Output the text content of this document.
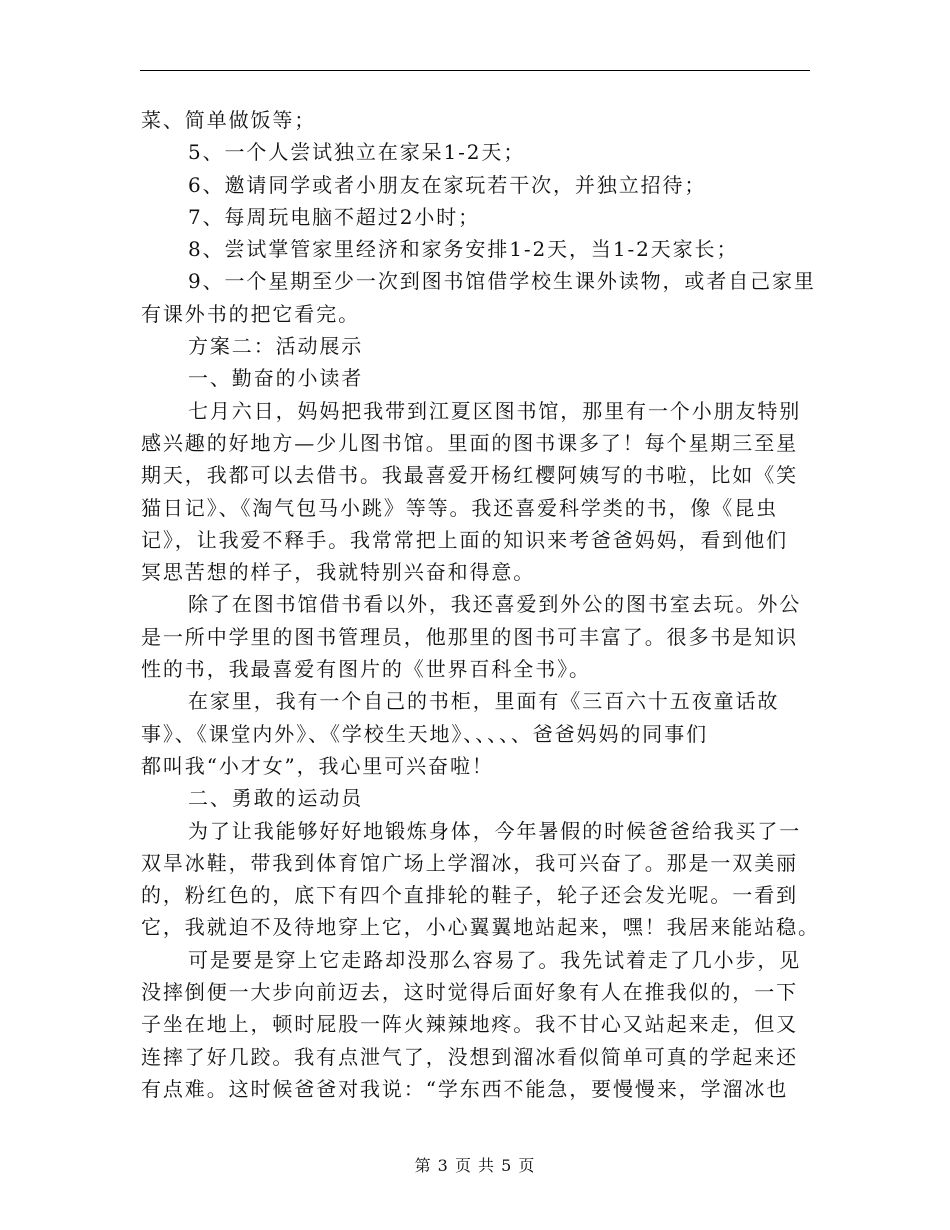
菜、简单做饭等；
5、一个人尝试独立在家呆1-2天；
6、邀请同学或者小朋友在家玩若干次，并独立招待；
7、每周玩电脑不超过2小时；
8、尝试掌管家里经济和家务安排1-2天，当1-2天家长；
9、一个星期至少一次到图书馆借学校生课外读物，或者自己家里
有课外书的把它看完。
方案二：活动展示
一、勤奋的小读者
七月六日，妈妈把我带到江夏区图书馆，那里有一个小朋友特别
感兴趣的好地方—少儿图书馆。里面的图书课多了！每个星期三至星
期天，我都可以去借书。我最喜爱开杨红樱阿姨写的书啦，比如《笑
猫日记》、《淘气包马小跳》等等。我还喜爱科学类的书，像《昆虫
记》，让我爱不释手。我常常把上面的知识来考爸爸妈妈，看到他们
冥思苦想的样子，我就特别兴奋和得意。
除了在图书馆借书看以外，我还喜爱到外公的图书室去玩。外公
是一所中学里的图书管理员，他那里的图书可丰富了。很多书是知识
性的书，我最喜爱有图片的《世界百科全书》。
在家里，我有一个自己的书柜，里面有《三百六十五夜童话故
事》、《课堂内外》、《学校生天地》、、、、、爸爸妈妈的同事们
都叫我“小才女”，我心里可兴奋啦！
二、勇敢的运动员
为了让我能够好好地锻炼身体，今年暑假的时候爸爸给我买了一
双旱冰鞋，带我到体育馆广场上学溜冰，我可兴奋了。那是一双美丽
的，粉红色的，底下有四个直排轮的鞋子，轮子还会发光呢。一看到
它，我就迫不及待地穿上它，小心翼翼地站起来，嘿！我居来能站稳。
可是要是穿上它走路却没那么容易了。我先试着走了几小步，见
没摔倒便一大步向前迈去，这时觉得后面好象有人在推我似的，一下
子坐在地上，顿时屁股一阵火辣辣地疼。我不甘心又站起来走，但又
连摔了好几跤。我有点泄气了，没想到溜冰看似简单可真的学起来还
有点难。这时候爸爸对我说：“学东西不能急，要慢慢来，学溜冰也
第 3 页 共 5 页
